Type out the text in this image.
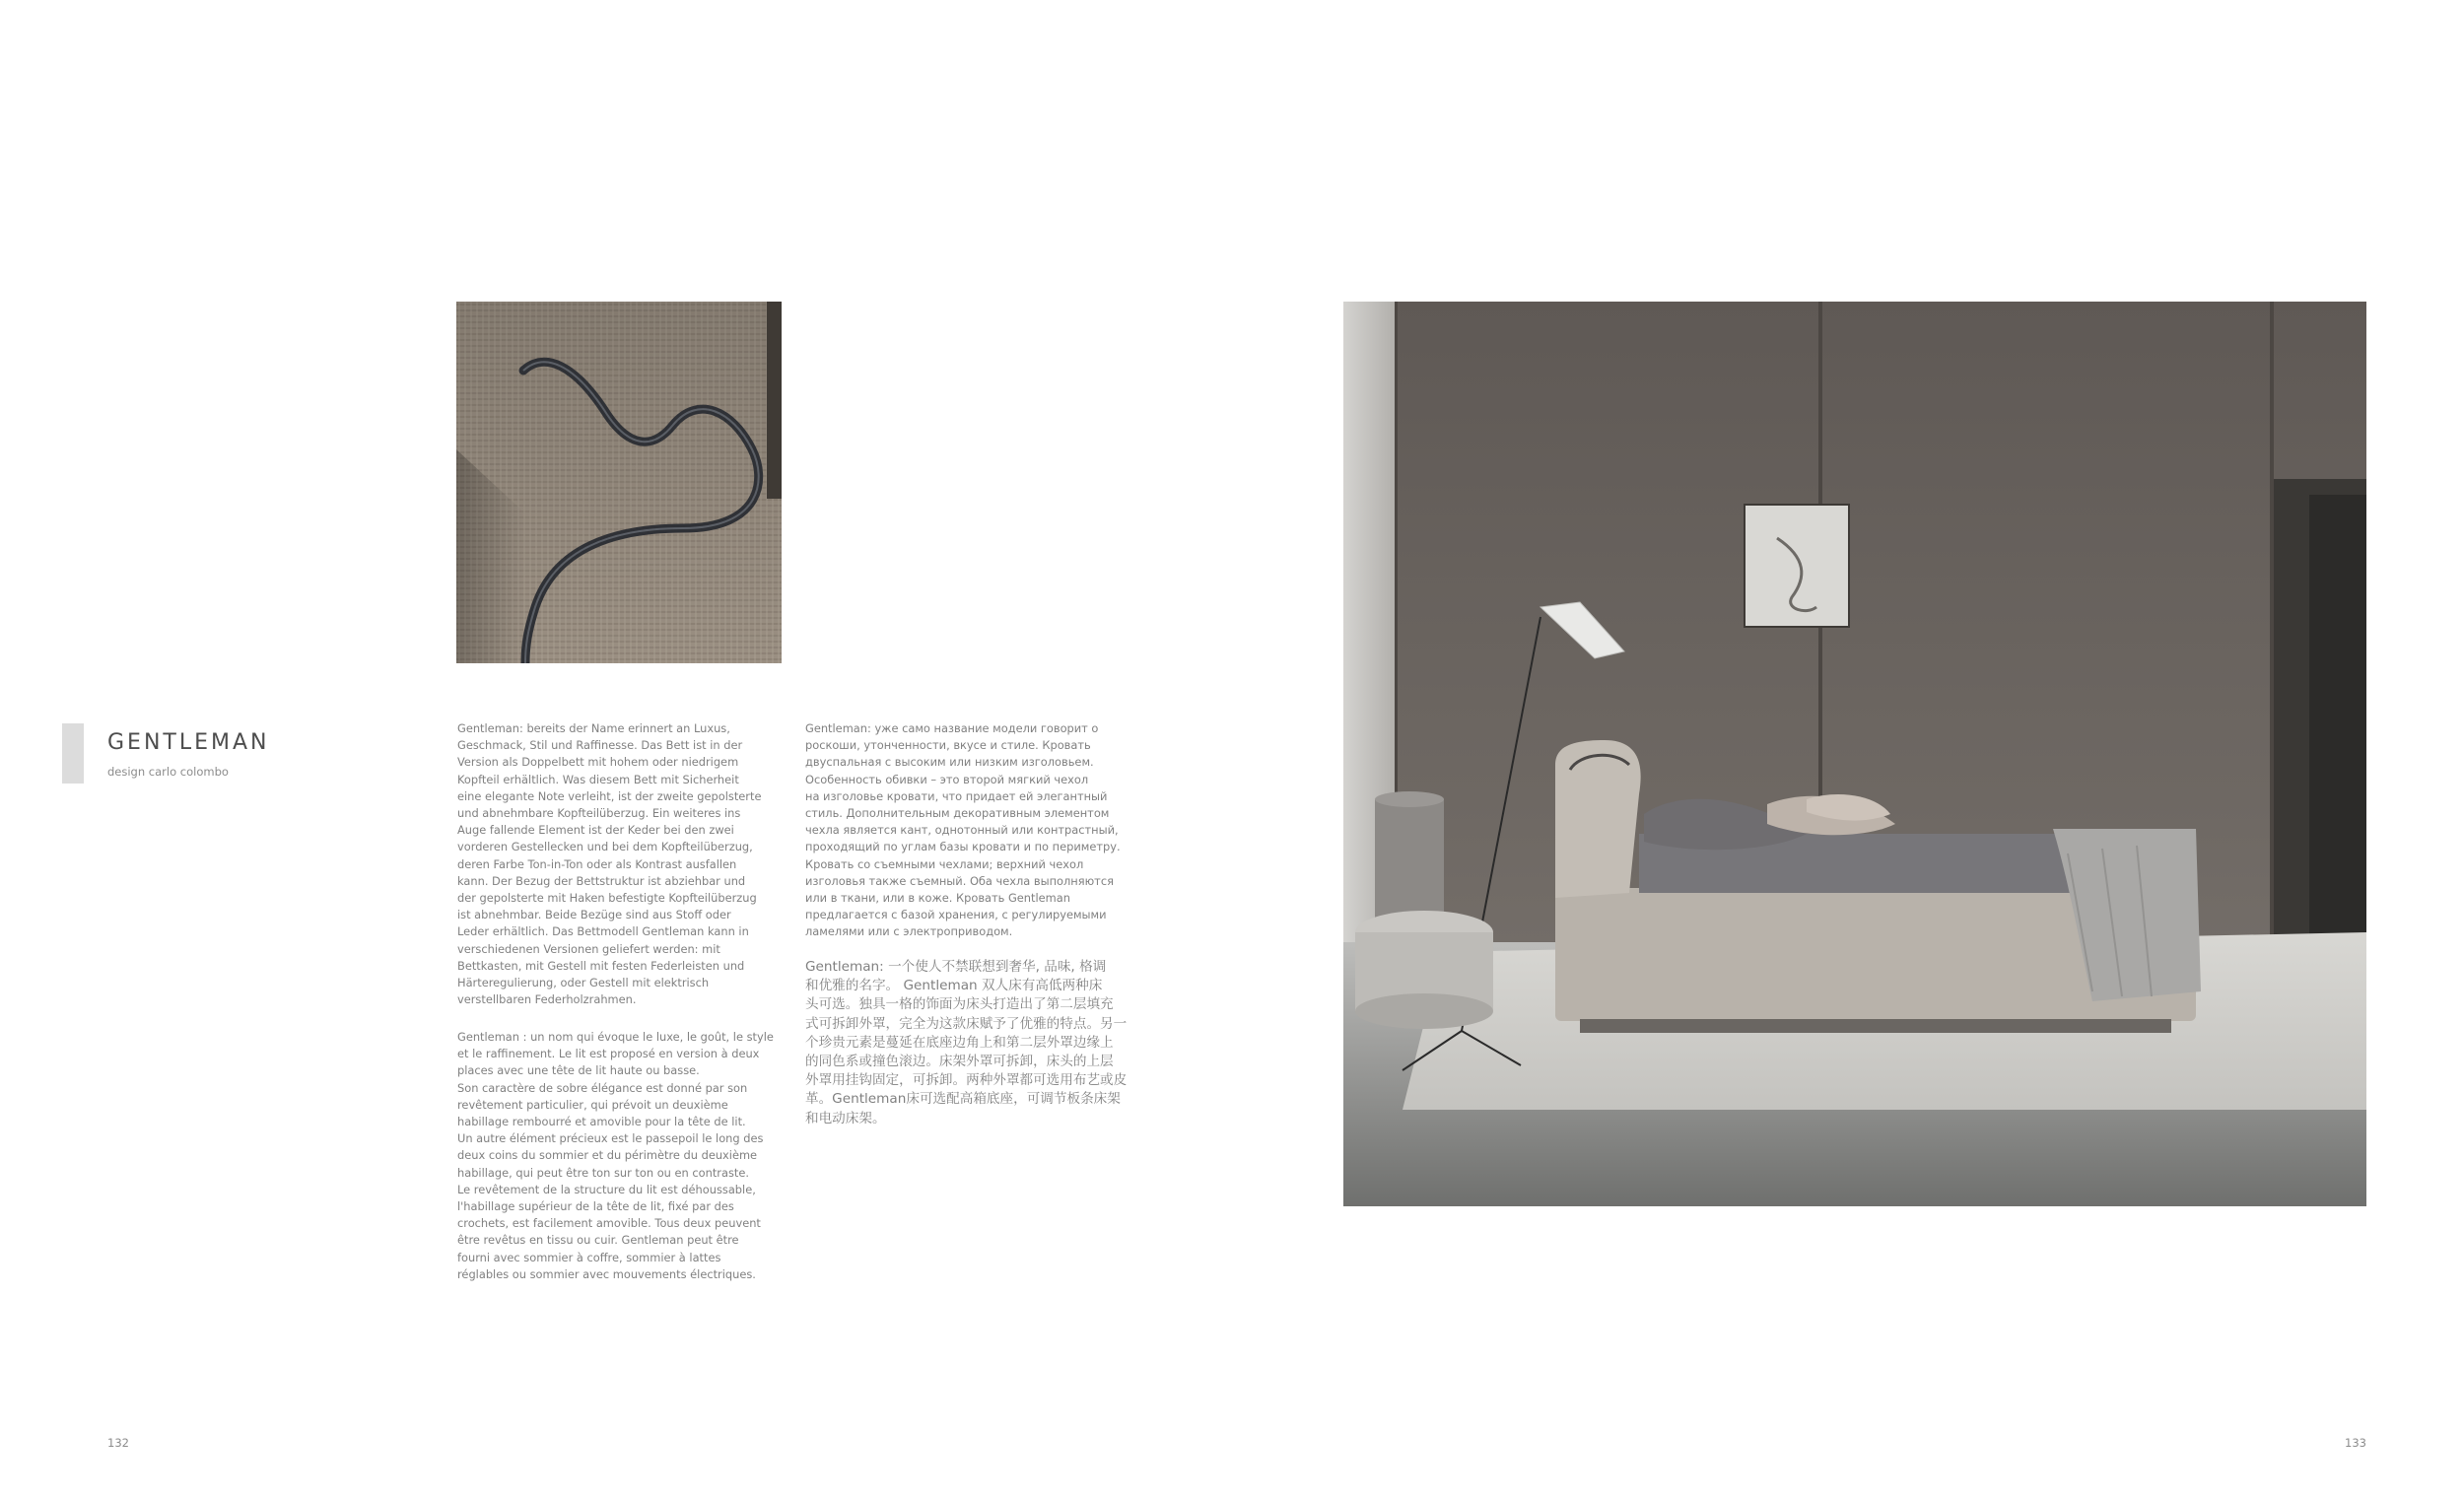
GENTLEMAN
design carlo colombo
Gentleman: bereits der Name erinnert an Luxus,
Geschmack, Stil und Raffinesse. Das Bett ist in der
Version als Doppelbett mit hohem oder niedrigem
Kopfteil erhältlich. Was diesem Bett mit Sicherheit
eine elegante Note verleiht, ist der zweite gepolsterte
und abnehmbare Kopfteilüberzug. Ein weiteres ins
Auge fallende Element ist der Keder bei den zwei
vorderen Gestellecken und bei dem Kopfteilüberzug,
deren Farbe Ton-in-Ton oder als Kontrast ausfallen
kann. Der Bezug der Bettstruktur ist abziehbar und
der gepolsterte mit Haken befestigte Kopfteilüberzug
ist abnehmbar. Beide Bezüge sind aus Stoff oder
Leder erhältlich. Das Bettmodell Gentleman kann in
verschiedenen Versionen geliefert werden: mit
Bettkasten, mit Gestell mit festen Federleisten und
Härteregulierung, oder Gestell mit elektrisch
verstellbaren Federholzrahmen.
Gentleman : un nom qui évoque le luxe, le goût, le style
et le raffinement. Le lit est proposé en version à deux
places avec une tête de lit haute ou basse.
Son caractère de sobre élégance est donné par son
revêtement particulier, qui prévoit un deuxième
habillage rembourré et amovible pour la tête de lit.
Un autre élément précieux est le passepoil le long des
deux coins du sommier et du périmètre du deuxième
habillage, qui peut être ton sur ton ou en contraste.
Le revêtement de la structure du lit est déhoussable,
l'habillage supérieur de la tête de lit, fixé par des
crochets, est facilement amovible. Tous deux peuvent
être revêtus en tissu ou cuir. Gentleman peut être
fourni avec sommier à coffre, sommier à lattes
réglables ou sommier avec mouvements électriques.
Gentleman: уже само название модели говорит о
роскоши, утонченности, вкусе и стиле. Кровать
двуспальная с высоким или низким изголовьем.
Особенность обивки – это второй мягкий чехол
на изголовье кровати, что придает ей элегантный
стиль. Дополнительным декоративным элементом
чехла является кант, однотонный или контрастный,
проходящий по углам базы кровати и по периметру.
Кровать со съемными чехлами; верхний чехол
изголовья также съемный. Оба чехла выполняются
или в ткани, или в коже. Кровать Gentleman
предлагается с базой хранения, с регулируемыми
ламелями или с электроприводом.
Gentleman: 一个使人不禁联想到奢华, 品味, 格调
和优雅的名字。 Gentleman 双人床有高低两种床
头可选。独具一格的饰面为床头打造出了第二层填充
式可拆卸外罩，完全为这款床赋予了优雅的特点。另一
个珍贵元素是蔓延在底座边角上和第二层外罩边缘上
的同色系或撞色滚边。床架外罩可拆卸，床头的上层
外罩用挂钩固定，可拆卸。两种外罩都可选用布艺或皮
革。Gentleman床可选配高箱底座，可调节板条床架
和电动床架。
132	133
